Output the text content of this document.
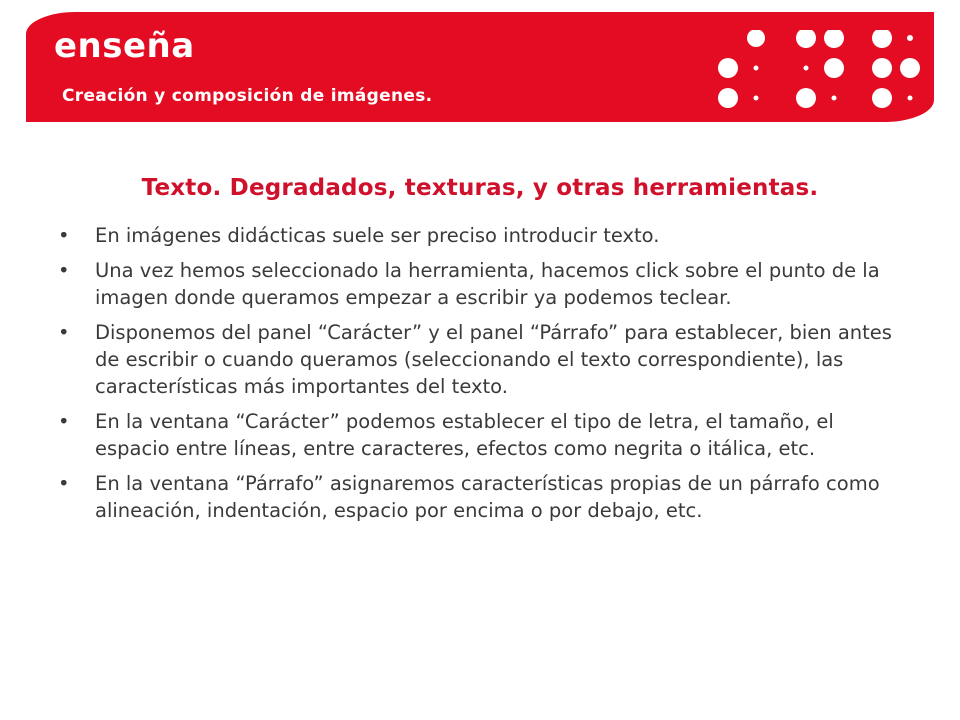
enseña
Creación y composición de imágenes.
Texto. Degradados, texturas, y otras herramientas.
• En imágenes didácticas suele ser preciso introducir texto.
• Una vez hemos seleccionado la herramienta, hacemos click sobre el punto de la imagen donde queramos empezar a escribir ya podemos teclear.
• Disponemos del panel “Carácter” y el panel “Párrafo” para establecer, bien antes de escribir o cuando queramos (seleccionando el texto correspondiente), las características más importantes del texto.
• En la ventana “Carácter” podemos establecer el tipo de letra, el tamaño, el espacio entre líneas, entre caracteres, efectos como negrita o itálica, etc.
• En la ventana “Párrafo” asignaremos características propias de un párrafo como alineación, indentación, espacio por encima o por debajo, etc.
